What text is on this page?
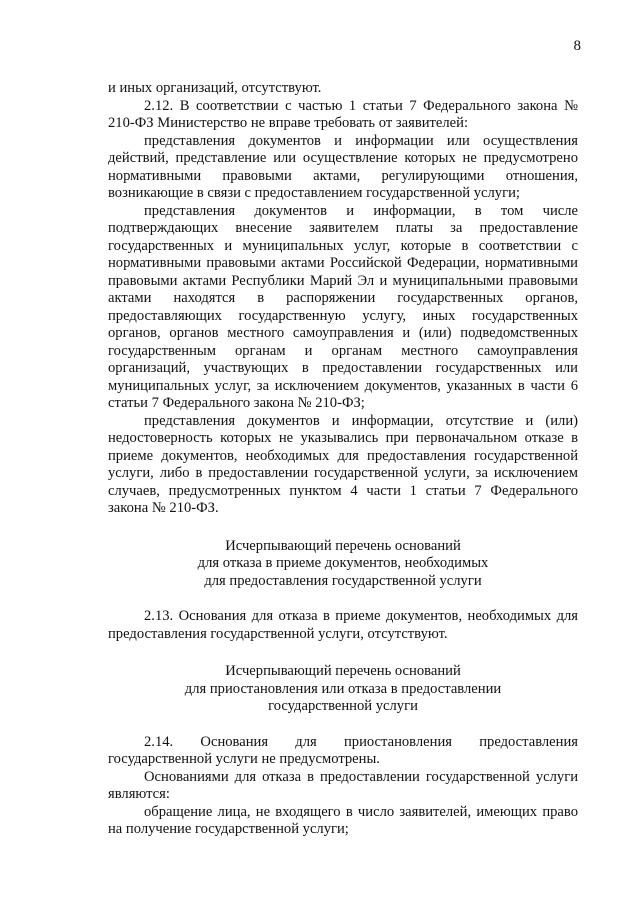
8

и иных организаций, отсутствуют.

2.12. В соответствии с частью 1 статьи 7 Федерального закона № 210-ФЗ Министерство не вправе требовать от заявителей:

представления документов и информации или осуществления действий, представление или осуществление которых не предусмотрено нормативными правовыми актами, регулирующими отношения, возникающие в связи с предоставлением государственной услуги;

представления документов и информации, в том числе подтверждающих внесение заявителем платы за предоставление государственных и муниципальных услуг, которые в соответствии с нормативными правовыми актами Российской Федерации, нормативными правовыми актами Республики Марий Эл и муниципальными правовыми актами находятся в распоряжении государственных органов, предоставляющих государственную услугу, иных государственных органов, органов местного самоуправления и (или) подведомственных государственным органам и органам местного самоуправления организаций, участвующих в предоставлении государственных или муниципальных услуг, за исключением документов, указанных в части 6 статьи 7 Федерального закона № 210-ФЗ;

представления документов и информации, отсутствие и (или) недостоверность которых не указывались при первоначальном отказе в приеме документов, необходимых для предоставления государственной услуги, либо в предоставлении государственной услуги, за исключением случаев, предусмотренных пунктом 4 части 1 статьи 7 Федерального закона № 210-ФЗ.

Исчерпывающий перечень оснований
для отказа в приеме документов, необходимых
для предоставления государственной услуги

2.13. Основания для отказа в приеме документов, необходимых для предоставления государственной услуги, отсутствуют.

Исчерпывающий перечень оснований
для приостановления или отказа в предоставлении
государственной услуги

2.14. Основания для приостановления предоставления государственной услуги не предусмотрены.

Основаниями для отказа в предоставлении государственной услуги являются:

обращение лица, не входящего в число заявителей, имеющих право на получение государственной услуги;
